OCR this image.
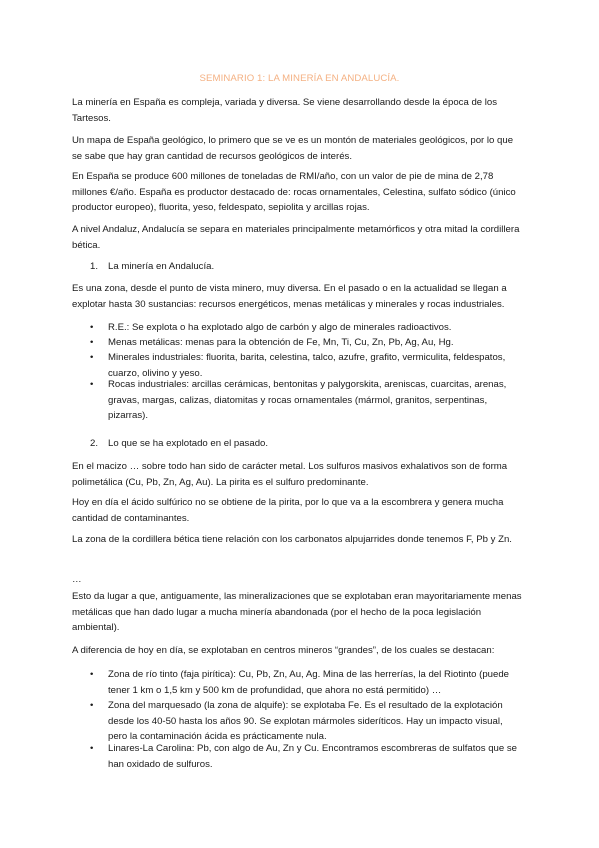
SEMINARIO 1: LA MINERÍA EN ANDALUCÍA.

La minería en España es compleja, variada y diversa. Se viene desarrollando desde la época de los Tartesos.

Un mapa de España geológico, lo primero que se ve es un montón de materiales geológicos, por lo que se sabe que hay gran cantidad de recursos geológicos de interés.

En España se produce 600 millones de toneladas de RMI/año, con un valor de pie de mina de 2,78 millones €/año. España es productor destacado de: rocas ornamentales, Celestina, sulfato sódico (único productor europeo), fluorita, yeso, feldespato, sepiolita y arcillas rojas.

A nivel Andaluz, Andalucía se separa en materiales principalmente metamórficos y otra mitad la cordillera bética.

1. La minería en Andalucía.

Es una zona, desde el punto de vista minero, muy diversa. En el pasado o en la actualidad se llegan a explotar hasta 30 sustancias: recursos energéticos, menas metálicas y minerales y rocas industriales.

• R.E.: Se explota o ha explotado algo de carbón y algo de minerales radioactivos.
• Menas metálicas: menas para la obtención de Fe, Mn, Ti, Cu, Zn, Pb, Ag, Au, Hg.
• Minerales industriales: fluorita, barita, celestina, talco, azufre, grafito, vermiculita, feldespatos, cuarzo, olivino y yeso.
• Rocas industriales: arcillas cerámicas, bentonitas y palygorskita, areniscas, cuarcitas, arenas, gravas, margas, calizas, diatomitas y rocas ornamentales (mármol, granitos, serpentinas, pizarras).
2. Lo que se ha explotado en el pasado.

En el macizo … sobre todo han sido de carácter metal. Los sulfuros masivos exhalativos son de forma polimetálica (Cu, Pb, Zn, Ag, Au). La pirita es el sulfuro predominante.

Hoy en día el ácido sulfúrico no se obtiene de la pirita, por lo que va a la escombrera y genera mucha cantidad de contaminantes.

La zona de la cordillera bética tiene relación con los carbonatos alpujarrides donde tenemos F, Pb y Zn.

…

Esto da lugar a que, antiguamente, las mineralizaciones que se explotaban eran mayoritariamente menas metálicas que han dado lugar a mucha minería abandonada (por el hecho de la poca legislación ambiental).

A diferencia de hoy en día, se explotaban en centros mineros “grandes”, de los cuales se destacan:

• Zona de río tinto (faja pirítica): Cu, Pb, Zn, Au, Ag. Mina de las herrerías, la del Riotinto (puede tener 1 km o 1,5 km y 500 km de profundidad, que ahora no está permitido) …
• Zona del marquesado (la zona de alquife): se explotaba Fe. Es el resultado de la explotación desde los 40-50 hasta los años 90. Se explotan mármoles sideríticos. Hay un impacto visual, pero la contaminación ácida es prácticamente nula.
• Linares-La Carolina: Pb, con algo de Au, Zn y Cu. Encontramos escombreras de sulfatos que se han oxidado de sulfuros.
